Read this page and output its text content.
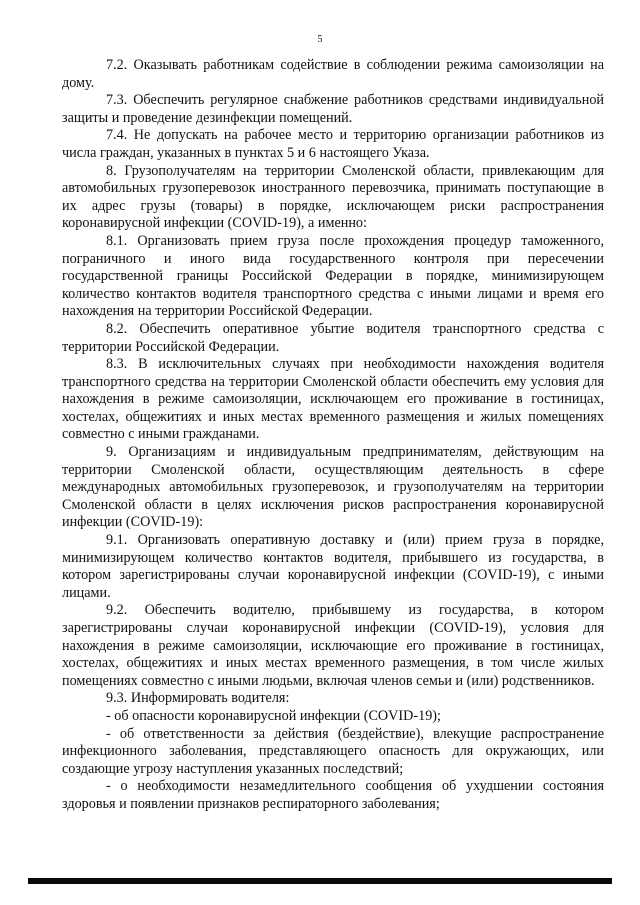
5

7.2. Оказывать работникам содействие в соблюдении режима самоизоляции на дому.

7.3. Обеспечить регулярное снабжение работников средствами индивидуальной защиты и проведение дезинфекции помещений.

7.4. Не допускать на рабочее место и территорию организации работников из числа граждан, указанных в пунктах 5 и 6 настоящего Указа.

8. Грузополучателям на территории Смоленской области, привлекающим для автомобильных грузоперевозок иностранного перевозчика, принимать поступающие в их адрес грузы (товары) в порядке, исключающем риски распространения коронавирусной инфекции (COVID-19), а именно:

8.1. Организовать прием груза после прохождения процедур таможенного, пограничного и иного вида государственного контроля при пересечении государственной границы Российской Федерации в порядке, минимизирующем количество контактов водителя транспортного средства с иными лицами и время его нахождения на территории Российской Федерации.

8.2. Обеспечить оперативное убытие водителя транспортного средства с территории Российской Федерации.

8.3. В исключительных случаях при необходимости нахождения водителя транспортного средства на территории Смоленской области обеспечить ему условия для нахождения в режиме самоизоляции, исключающем его проживание в гостиницах, хостелах, общежитиях и иных местах временного размещения и жилых помещениях совместно с иными гражданами.

9. Организациям и индивидуальным предпринимателям, действующим на территории Смоленской области, осуществляющим деятельность в сфере международных автомобильных грузоперевозок, и грузополучателям на территории Смоленской области в целях исключения рисков распространения коронавирусной инфекции (COVID-19):

9.1. Организовать оперативную доставку и (или) прием груза в порядке, минимизирующем количество контактов водителя, прибывшего из государства, в котором зарегистрированы случаи коронавирусной инфекции (COVID-19), с иными лицами.

9.2. Обеспечить водителю, прибывшему из государства, в котором зарегистрированы случаи коронавирусной инфекции (COVID-19), условия для нахождения в режиме самоизоляции, исключающие его проживание в гостиницах, хостелах, общежитиях и иных местах временного размещения, в том числе жилых помещениях совместно с иными людьми, включая членов семьи и (или) родственников.

9.3. Информировать водителя:

- об опасности коронавирусной инфекции (COVID-19);

- об ответственности за действия (бездействие), влекущие распространение инфекционного заболевания, представляющего опасность для окружающих, или создающие угрозу наступления указанных последствий;

- о необходимости незамедлительного сообщения об ухудшении состояния здоровья и появлении признаков респираторного заболевания;
